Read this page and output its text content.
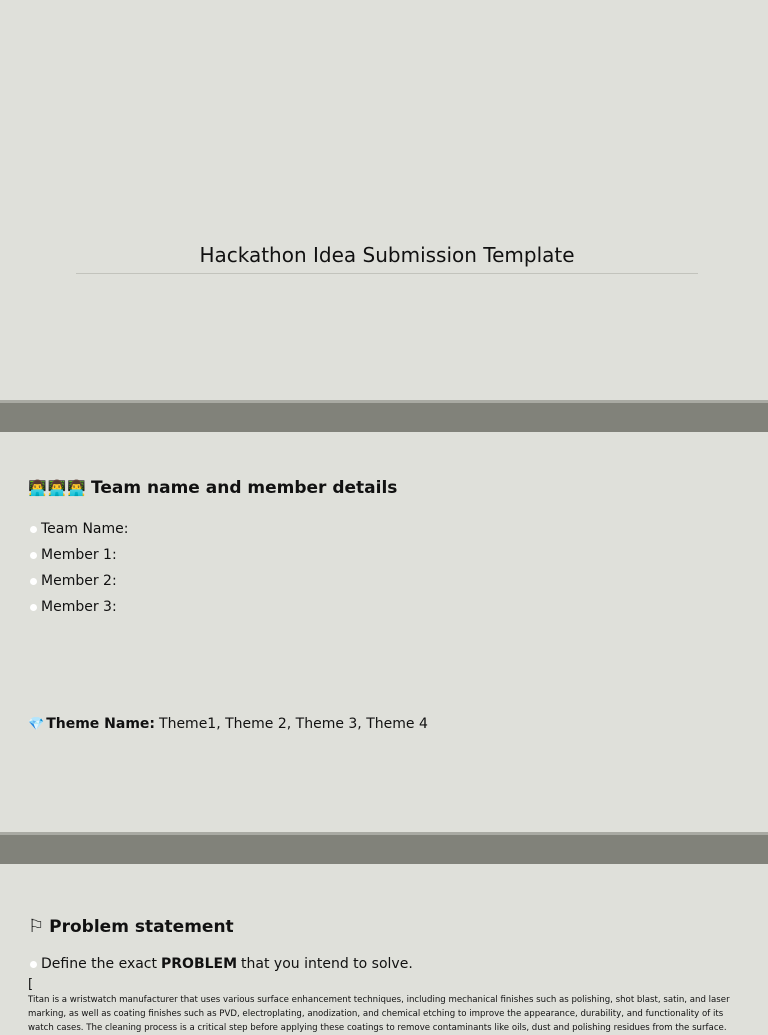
Hackathon Idea Submission Template
👨‍💻👨‍💻👨‍💻 Team name and member details
Team Name:
Member 1:
Member 2:
Member 3:
💎 Theme Name: Theme1, Theme 2, Theme 3, Theme 4
⚐ Problem statement
Define the exact PROBLEM that you intend to solve.
[
Titan is a wristwatch manufacturer that uses various surface enhancement techniques, including mechanical finishes such as polishing, shot blast, satin, and laser marking, as well as coating finishes such as PVD, electroplating, anodization, and chemical etching to improve the appearance, durability, and functionality of its watch cases. The cleaning process is a critical step before applying these coatings to remove contaminants like oils, dust and polishing residues from the surface.
